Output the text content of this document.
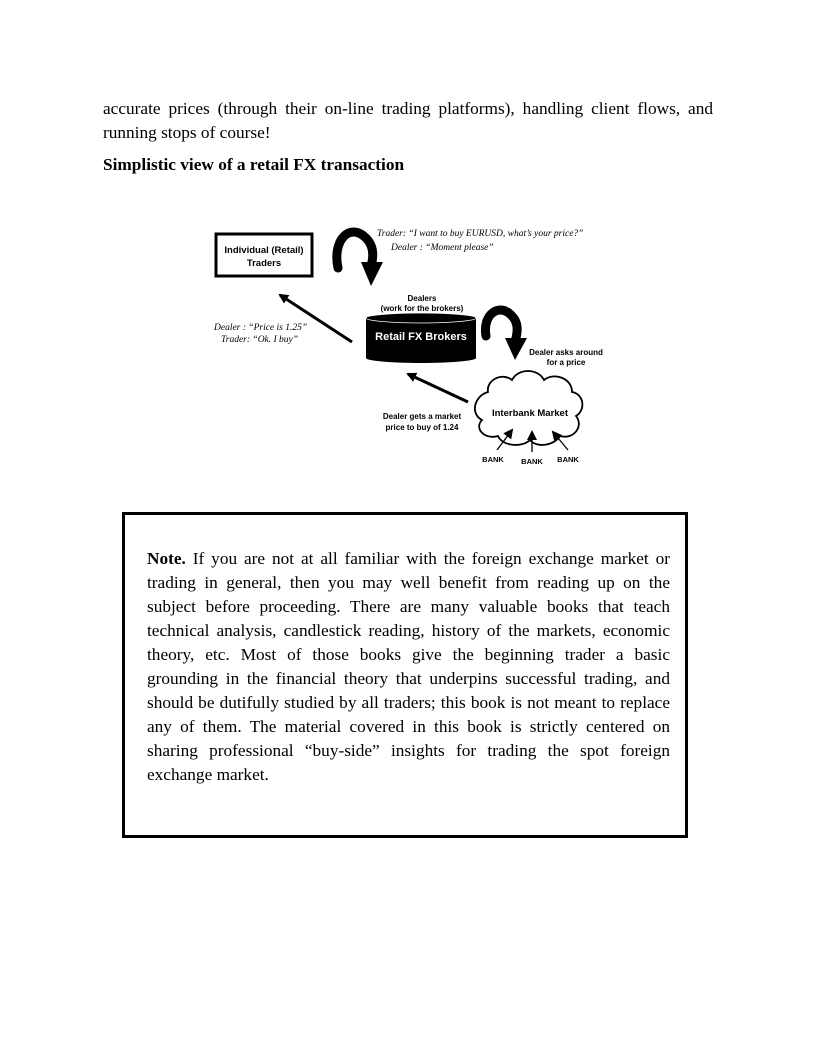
accurate prices (through their on-line trading platforms), handling client flows, and running stops of course!

Simplistic view of a retail FX transaction

Individual (Retail)
Traders
Trader: “I want to buy EURUSD, what’s your price?”
Dealer : “Moment please”
Dealers
(work for the brokers)
Retail FX Brokers
Dealer : “Price is 1.25”
Trader: “Ok. I buy”
Dealer asks around
for a price
Dealer gets a market
price to buy of 1.24
Interbank Market
BANK BANK BANK

Note. If you are not at all familiar with the foreign exchange market or trading in general, then you may well benefit from reading up on the subject before proceeding. There are many valuable books that teach technical analysis, candlestick reading, history of the markets, economic theory, etc. Most of those books give the beginning trader a basic grounding in the financial theory that underpins successful trading, and should be dutifully studied by all traders; this book is not meant to replace any of them. The material covered in this book is strictly centered on sharing professional “buy-side” insights for trading the spot foreign exchange market.
